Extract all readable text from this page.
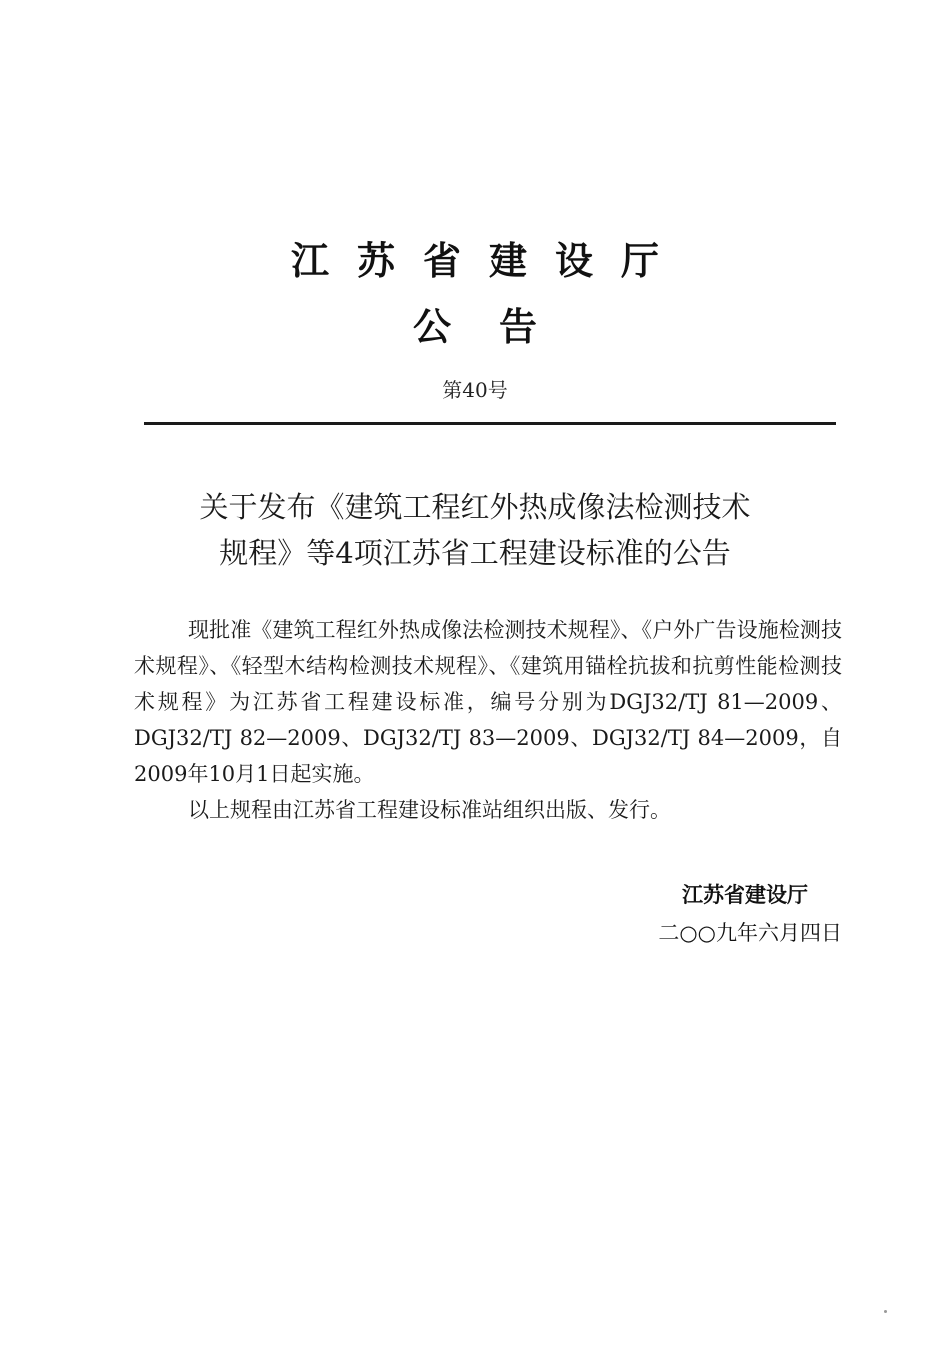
江苏省建设厅
公告
第40号
关于发布《建筑工程红外热成像法检测技术
规程》等4项江苏省工程建设标准的公告
现批准《建筑工程红外热成像法检测技术规程》、《户外广告设施检测技术规程》、《轻型木结构检测技术规程》、《建筑用锚栓抗拔和抗剪性能检测技术规程》为江苏省工程建设标准，编号分别为DGJ32/TJ 81—2009、DGJ32/TJ 82—2009、DGJ32/TJ 83—2009、DGJ32/TJ 84—2009，自2009年10月1日起实施。
以上规程由江苏省工程建设标准站组织出版、发行。
江苏省建设厅
二○○九年六月四日
